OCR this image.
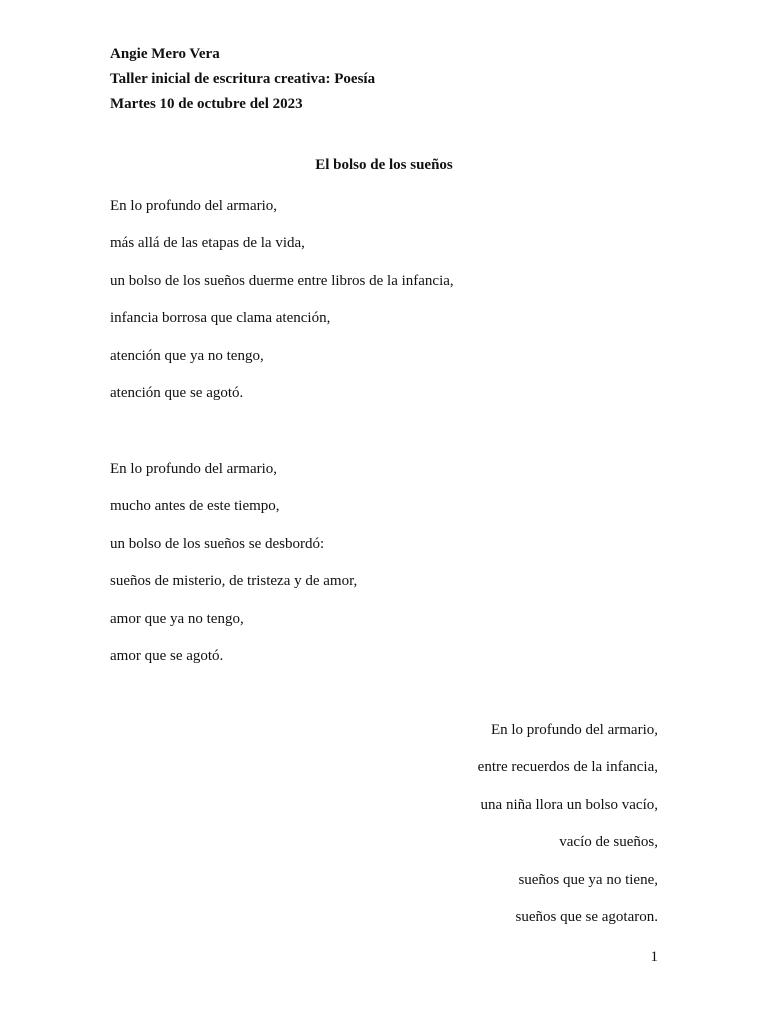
Angie Mero Vera
Taller inicial de escritura creativa: Poesía
Martes 10 de octubre del 2023
El bolso de los sueños
En lo profundo del armario,
más allá de las etapas de la vida,
un bolso de los sueños duerme entre libros de la infancia,
infancia borrosa que clama atención,
atención que ya no tengo,
atención que se agotó.
En lo profundo del armario,
mucho antes de este tiempo,
un bolso de los sueños se desbordó:
sueños de misterio, de tristeza y de amor,
amor que ya no tengo,
amor que se agotó.
En lo profundo del armario,
entre recuerdos de la infancia,
una niña llora un bolso vacío,
vacío de sueños,
sueños que ya no tiene,
sueños que se agotaron.
1
